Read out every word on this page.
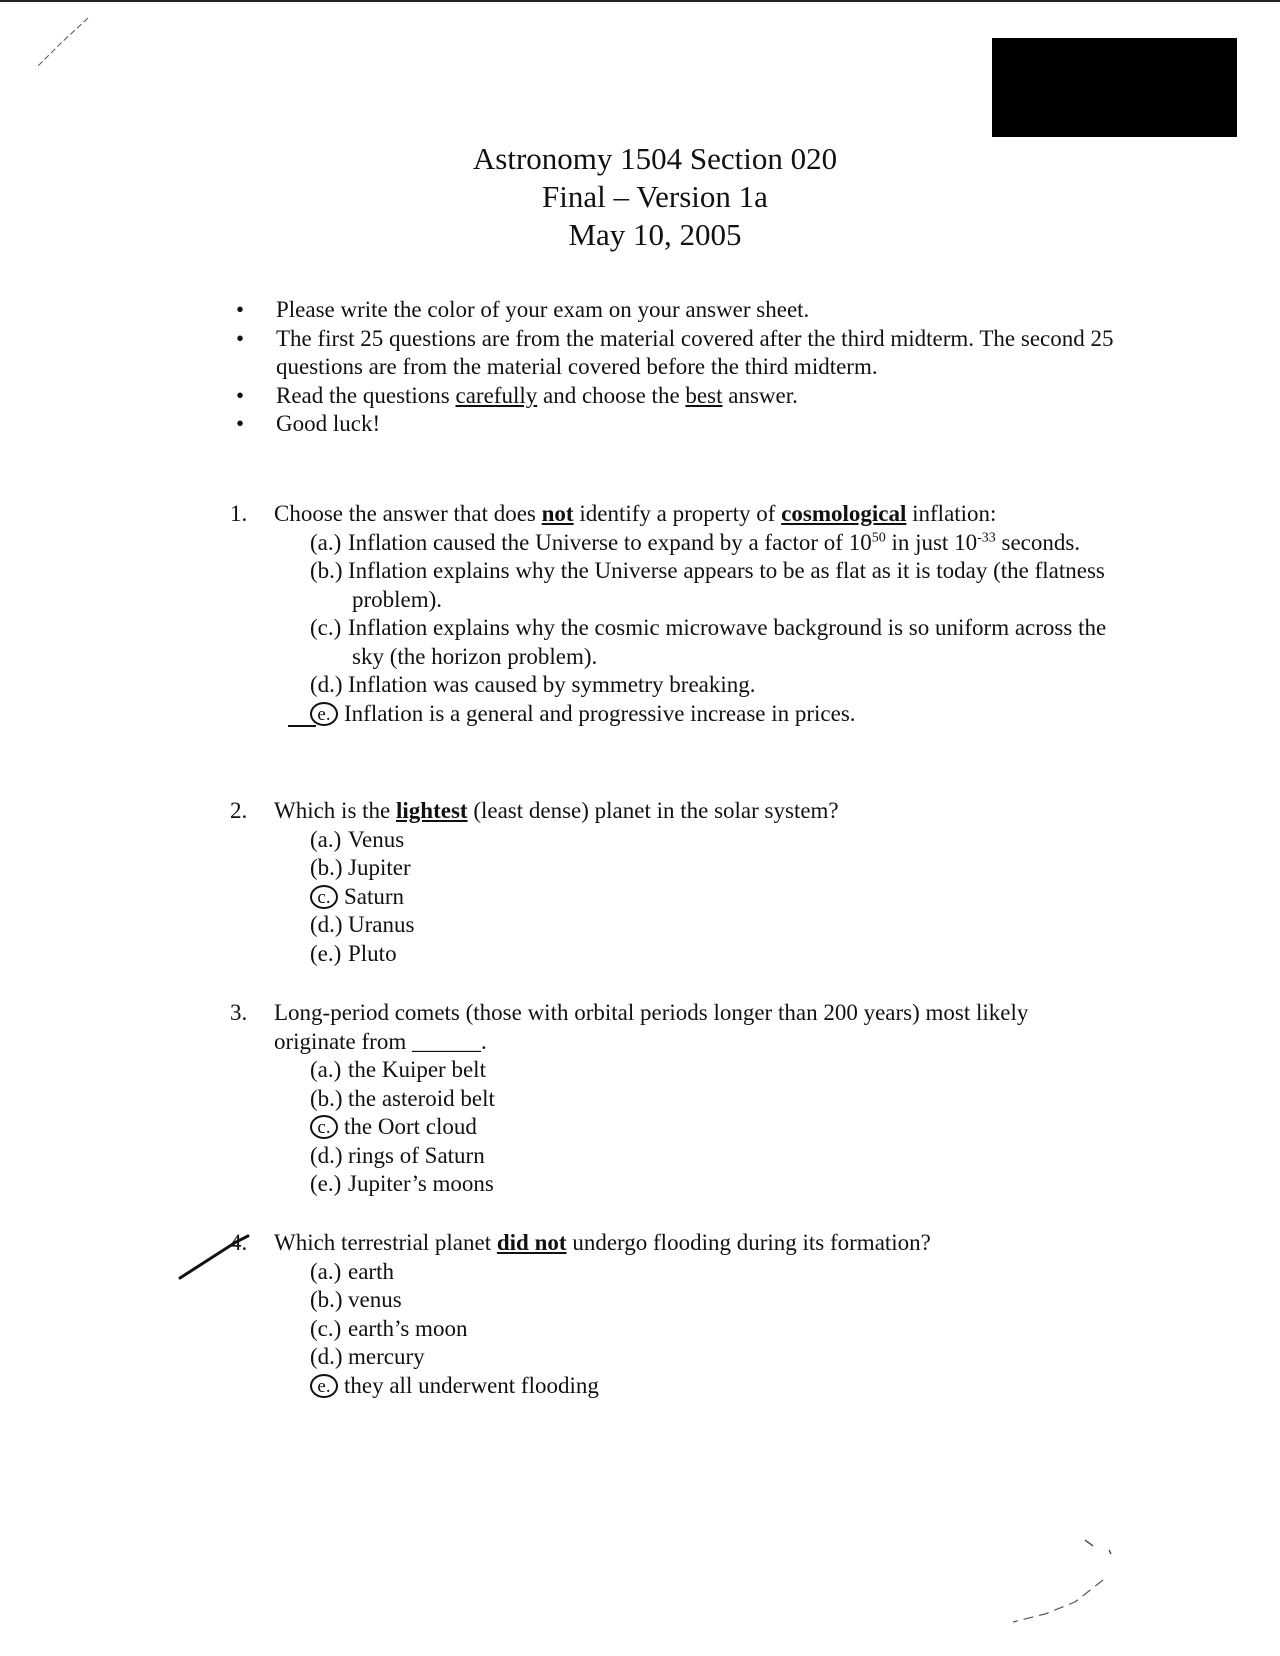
Astronomy 1504 Section 020
Final – Version 1a
May 10, 2005
• Please write the color of your exam on your answer sheet.
• The first 25 questions are from the material covered after the third midterm. The second 25 questions are from the material covered before the third midterm.
• Read the questions carefully and choose the best answer.
• Good luck!
1. Choose the answer that does not identify a property of cosmological inflation:
(a.) Inflation caused the Universe to expand by a factor of $10^{50}$ in just $10^{-33}$ seconds.
(b.) Inflation explains why the Universe appears to be as flat as it is today (the flatness problem).
(c.) Inflation explains why the cosmic microwave background is so uniform across the sky (the horizon problem).
(d.) Inflation was caused by symmetry breaking.
e. Inflation is a general and progressive increase in prices.
2. Which is the lightest (least dense) planet in the solar system?
(a.) Venus
(b.) Jupiter
c. Saturn
(d.) Uranus
(e.) Pluto
3. Long-period comets (those with orbital periods longer than 200 years) most likely originate from ______.
(a.) the Kuiper belt
(b.) the asteroid belt
c. the Oort cloud
(d.) rings of Saturn
(e.) Jupiter’s moons
4. Which terrestrial planet did not undergo flooding during its formation?
(a.) earth
(b.) venus
(c.) earth’s moon
(d.) mercury
e. they all underwent flooding
